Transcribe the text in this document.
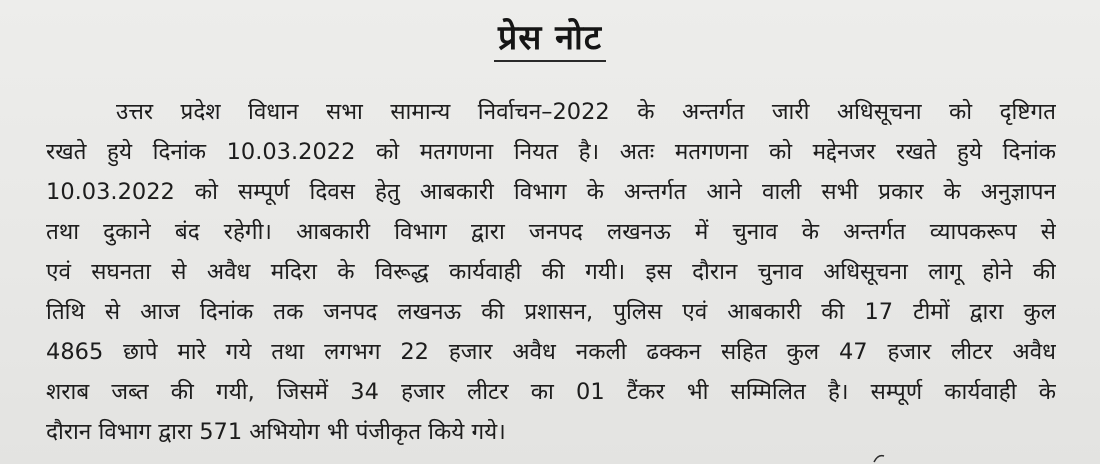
प्रेस नोट
उत्तर प्रदेश विधान सभा सामान्य निर्वाचन–2022 के अन्तर्गत जारी अधिसूचना को दृष्टिगत
रखते हुये दिनांक 10.03.2022 को मतगणना नियत है। अतः मतगणना को मद्देनजर रखते हुये दिनांक
10.03.2022 को सम्पूर्ण दिवस हेतु आबकारी विभाग के अन्तर्गत आने वाली सभी प्रकार के अनुज्ञापन
तथा दुकाने बंद रहेगी। आबकारी विभाग द्वारा जनपद लखनऊ में चुनाव के अन्तर्गत व्यापकरूप से
एवं सघनता से अवैध मदिरा के विरूद्ध कार्यवाही की गयी। इस दौरान चुनाव अधिसूचना लागू होने की
तिथि से आज दिनांक तक जनपद लखनऊ की प्रशासन, पुलिस एवं आबकारी की 17 टीमों द्वारा कुल
4865 छापे मारे गये तथा लगभग 22 हजार अवैध नकली ढक्कन सहित कुल 47 हजार लीटर अवैध
शराब जब्त की गयी, जिसमें 34 हजार लीटर का 01 टैंकर भी सम्मिलित है। सम्पूर्ण कार्यवाही के
दौरान विभाग द्वारा 571 अभियोग भी पंजीकृत किये गये।
